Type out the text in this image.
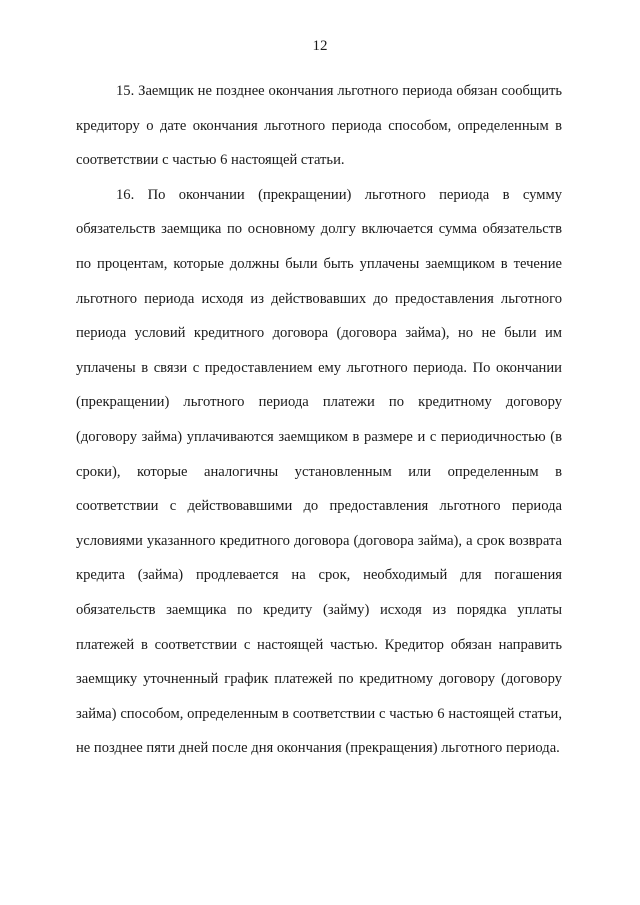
12

15. Заемщик не позднее окончания льготного периода обязан сообщить кредитору о дате окончания льготного периода способом, определенным в соответствии с частью 6 настоящей статьи.

16. По окончании (прекращении) льготного периода в сумму обязательств заемщика по основному долгу включается сумма обязательств по процентам, которые должны были быть уплачены заемщиком в течение льготного периода исходя из действовавших до предоставления льготного периода условий кредитного договора (договора займа), но не были им уплачены в связи с предоставлением ему льготного периода. По окончании (прекращении) льготного периода платежи по кредитному договору (договору займа) уплачиваются заемщиком в размере и с периодичностью (в сроки), которые аналогичны установленным или определенным в соответствии с действовавшими до предоставления льготного периода условиями указанного кредитного договора (договора займа), а срок возврата кредита (займа) продлевается на срок, необходимый для погашения обязательств заемщика по кредиту (займу) исходя из порядка уплаты платежей в соответствии с настоящей частью. Кредитор обязан направить заемщику уточненный график платежей по кредитному договору (договору займа) способом, определенным в соответствии с частью 6 настоящей статьи, не позднее пяти дней после дня окончания (прекращения) льготного периода.
